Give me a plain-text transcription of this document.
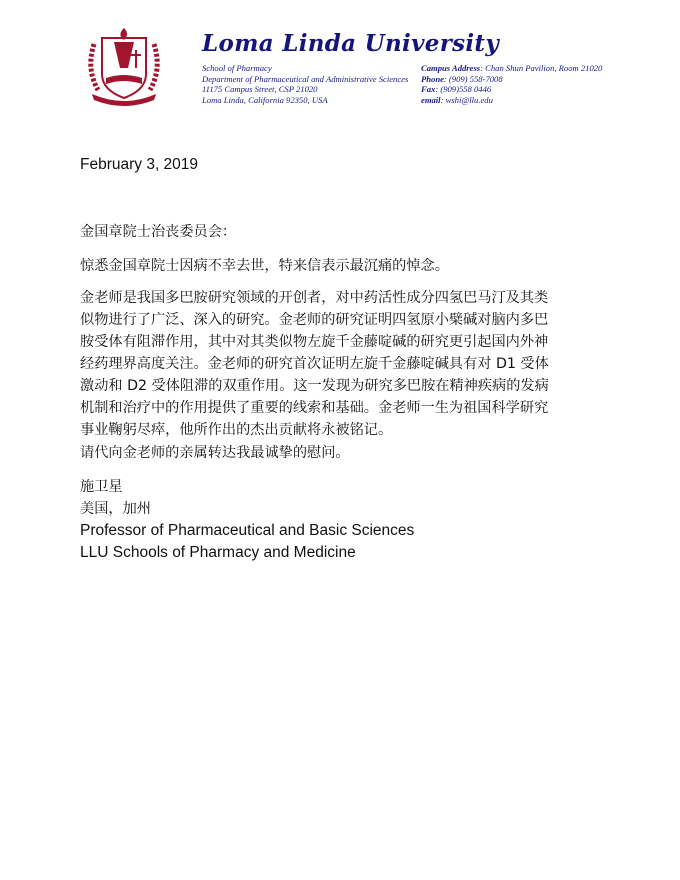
Loma Linda University
School of Pharmacy
Department of Pharmaceutical and Administrative Sciences
11175 Campus Street, CSP 21020
Loma Linda, California 92350, USA
Campus Address: Chan Shun Pavilion, Room 21020
Phone: (909) 558-7008
Fax: (909)558 0446
email: wshi@llu.edu
February 3, 2019
金国章院士治丧委员会：
惊悉金国章院士因病不幸去世，特来信表示最沉痛的悼念。
金老师是我国多巴胺研究领域的开创者，对中药活性成分四氢巴马汀及其类
似物进行了广泛、深入的研究。金老师的研究证明四氢原小檗碱对脑内多巴
胺受体有阻滞作用，其中对其类似物左旋千金藤啶碱的研究更引起国内外神
经药理界高度关注。金老师的研究首次证明左旋千金藤啶碱具有对 D1 受体
激动和 D2 受体阻滞的双重作用。这一发现为研究多巴胺在精神疾病的发病
机制和治疗中的作用提供了重要的线索和基础。金老师一生为祖国科学研究
事业鞠躬尽瘁，他所作出的杰出贡献将永被铭记。
请代向金老师的亲属转达我最诚挚的慰问。
施卫星
美国，加州
Professor of Pharmaceutical and Basic Sciences
LLU Schools of Pharmacy and Medicine
